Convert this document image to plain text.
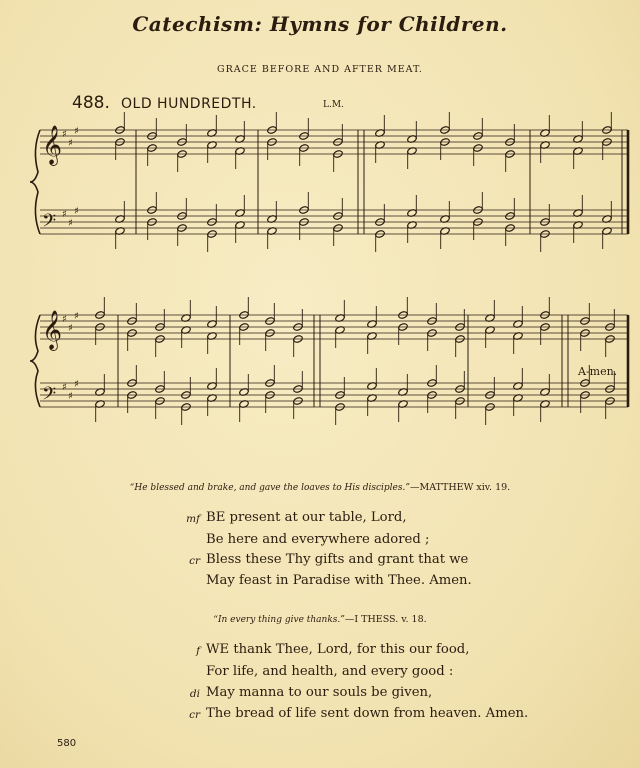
Catechism: Hymns for Children.
GRACE BEFORE AND AFTER MEAT.
488. OLD HUNDREDTH.	L.M.
𝄞 ♯
♯
♯
𝄢 ♯
♯
♯
𝄞 ♯
♯
♯
𝄢 ♯
♯
♯
A-men.
“He blessed and brake, and gave the loaves to His disciples.”—MATTHEW xiv. 19.
mf BE present at our table, Lord,
Be here and everywhere adored ;
cr Bless these Thy gifts and grant that we
May feast in Paradise with Thee. Amen.
“In every thing give thanks.”—I THESS. v. 18.
f WE thank Thee, Lord, for this our food,
For life, and health, and every good :
di May manna to our souls be given,
cr The bread of life sent down from heaven. Amen.
580
